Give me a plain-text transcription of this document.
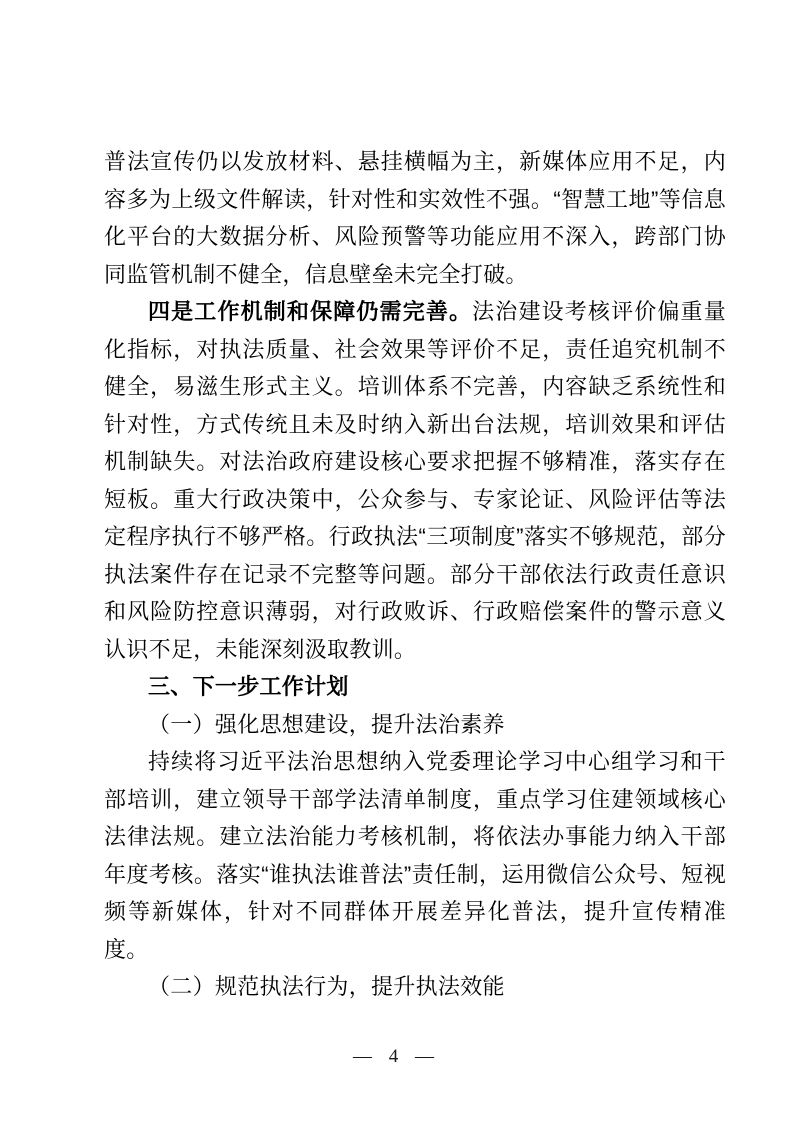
普法宣传仍以发放材料、悬挂横幅为主，新媒体应用不足，内容多为上级文件解读，针对性和实效性不强。“智慧工地”等信息化平台的大数据分析、风险预警等功能应用不深入，跨部门协同监管机制不健全，信息壁垒未完全打破。

四是工作机制和保障仍需完善。法治建设考核评价偏重量化指标，对执法质量、社会效果等评价不足，责任追究机制不健全，易滋生形式主义。培训体系不完善，内容缺乏系统性和针对性，方式传统且未及时纳入新出台法规，培训效果和评估机制缺失。对法治政府建设核心要求把握不够精准，落实存在短板。重大行政决策中，公众参与、专家论证、风险评估等法定程序执行不够严格。行政执法“三项制度”落实不够规范，部分执法案件存在记录不完整等问题。部分干部依法行政责任意识和风险防控意识薄弱，对行政败诉、行政赔偿案件的警示意义认识不足，未能深刻汲取教训。

三、下一步工作计划
（一）强化思想建设，提升法治素养

持续将习近平法治思想纳入党委理论学习中心组学习和干部培训，建立领导干部学法清单制度，重点学习住建领域核心法律法规。建立法治能力考核机制，将依法办事能力纳入干部年度考核。落实“谁执法谁普法”责任制，运用微信公众号、短视频等新媒体，针对不同群体开展差异化普法，提升宣传精准度。

（二）规范执法行为，提升执法效能
— 4 —
